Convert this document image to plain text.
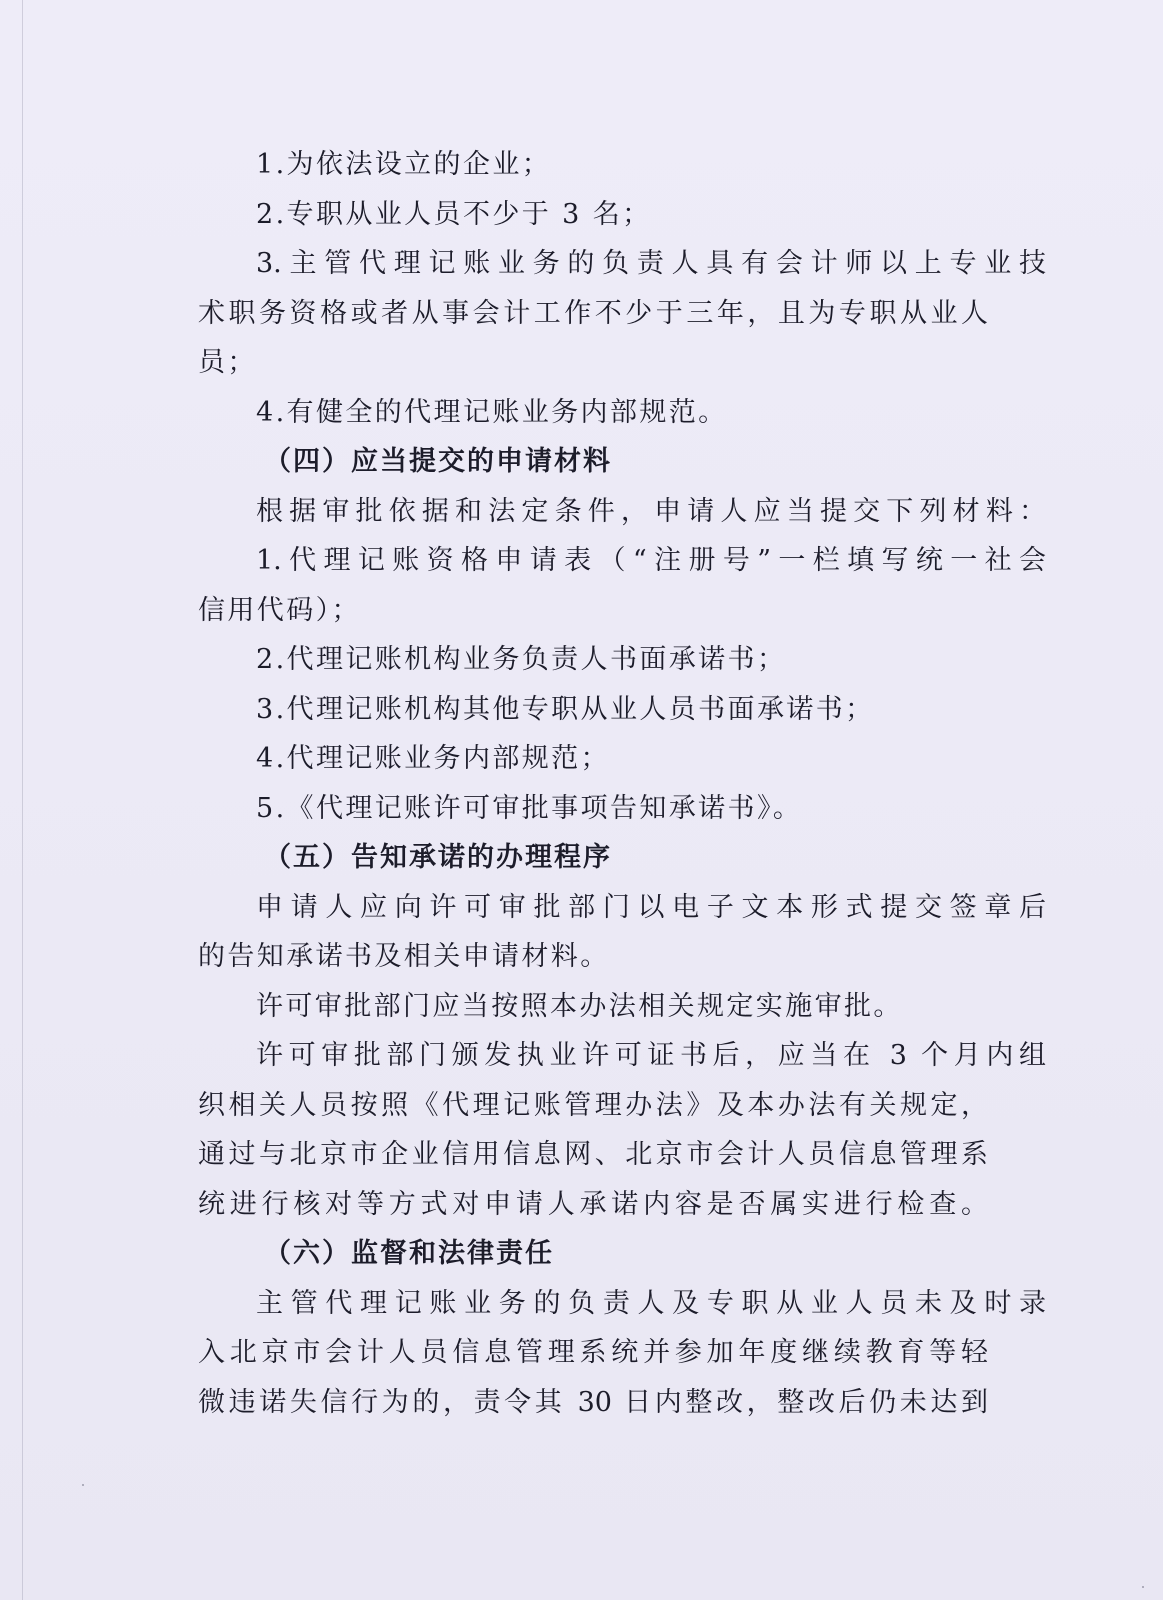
1.为依法设立的企业；
2.专职从业人员不少于 3 名；
3.主管代理记账业务的负责人具有会计师以上专业技
术职务资格或者从事会计工作不少于三年，且为专职从业人
员；
4.有健全的代理记账业务内部规范。
（四）应当提交的申请材料
根据审批依据和法定条件，申请人应当提交下列材料：
1.代理记账资格申请表（“注册号”一栏填写统一社会
信用代码）；
2.代理记账机构业务负责人书面承诺书；
3.代理记账机构其他专职从业人员书面承诺书；
4.代理记账业务内部规范；
5.《代理记账许可审批事项告知承诺书》。
（五）告知承诺的办理程序
申请人应向许可审批部门以电子文本形式提交签章后
的告知承诺书及相关申请材料。
许可审批部门应当按照本办法相关规定实施审批。
许可审批部门颁发执业许可证书后，应当在 3 个月内组
织相关人员按照《代理记账管理办法》及本办法有关规定，
通过与北京市企业信用信息网、北京市会计人员信息管理系
统进行核对等方式对申请人承诺内容是否属实进行检查。
（六）监督和法律责任
主管代理记账业务的负责人及专职从业人员未及时录
入北京市会计人员信息管理系统并参加年度继续教育等轻
微违诺失信行为的，责令其 30 日内整改，整改后仍未达到
